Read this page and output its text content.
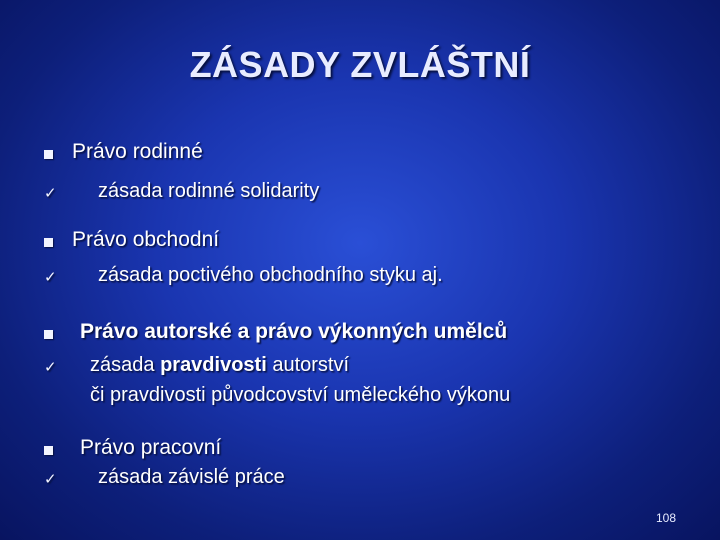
ZÁSADY ZVLÁŠTNÍ
Právo rodinné
✓ zásada rodinné solidarity
Právo obchodní
✓ zásada poctivého obchodního styku aj.
Právo autorské a právo výkonných umělců
✓ zásada pravdivosti autorství
či pravdivosti původcovství uměleckého výkonu
Právo pracovní
✓ zásada závislé práce
108
